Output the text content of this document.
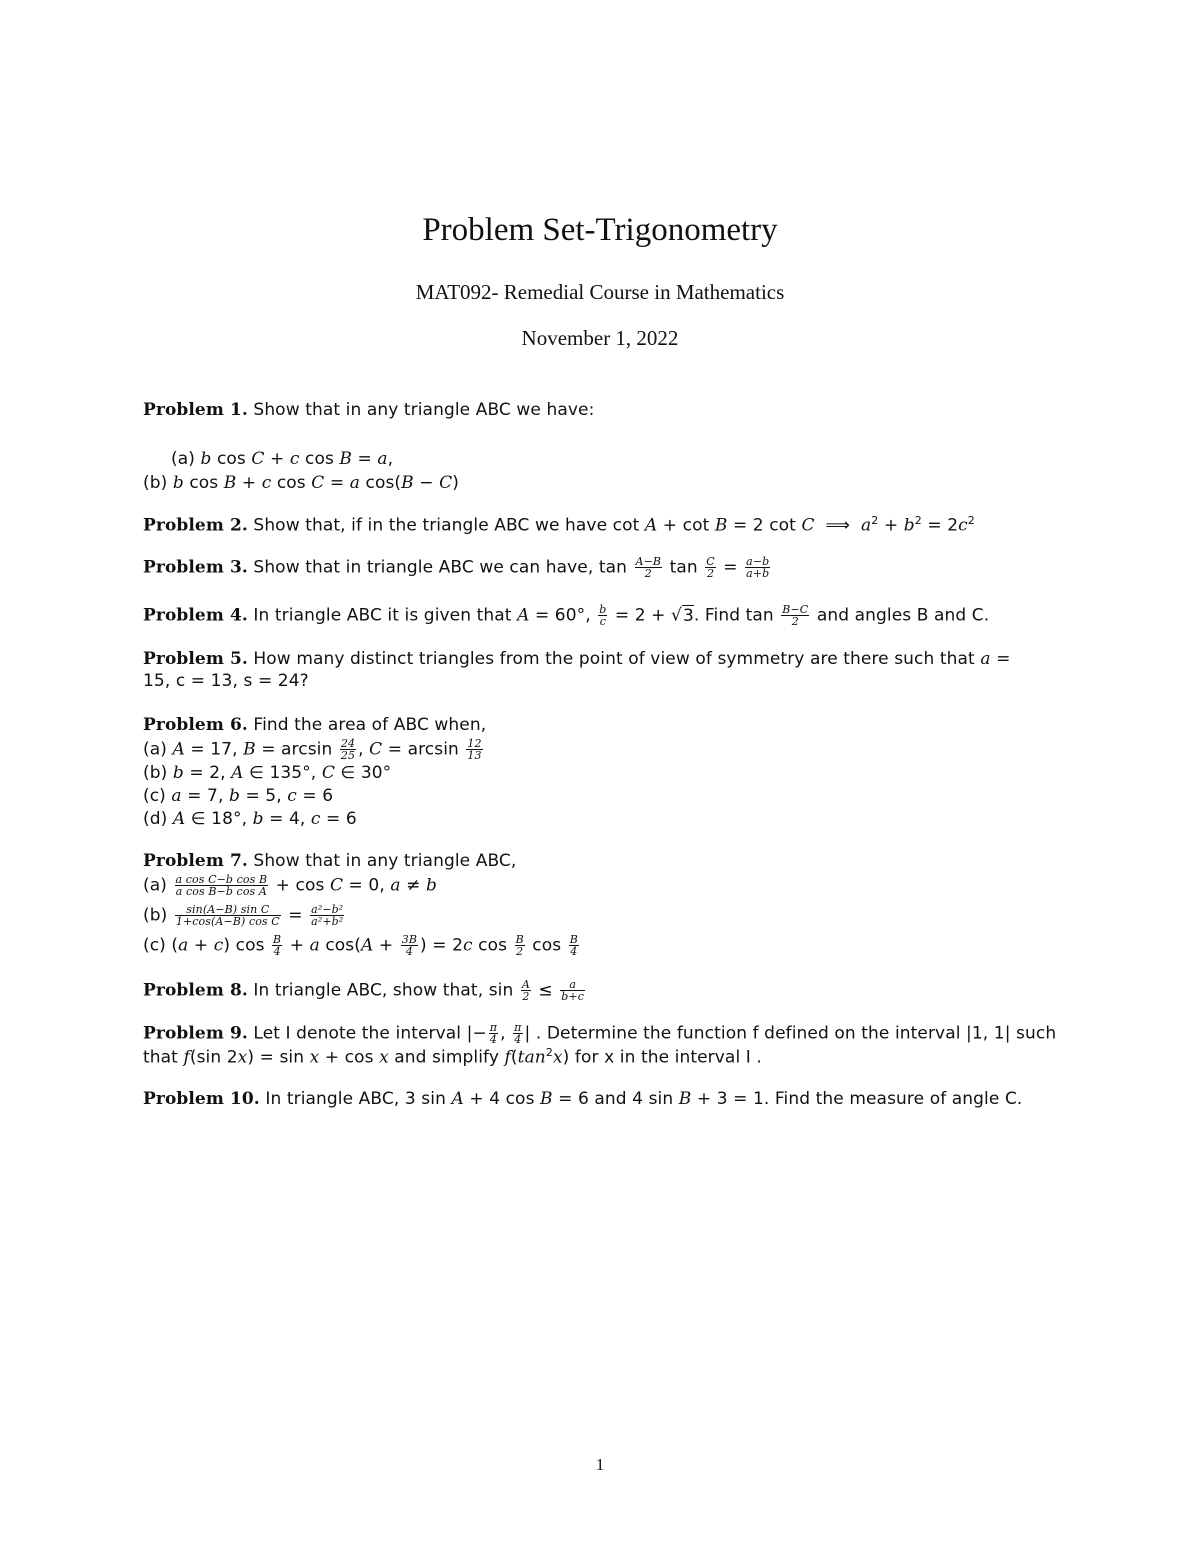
Problem Set-Trigonometry
MAT092- Remedial Course in Mathematics
November 1, 2022
Problem 1. Show that in any triangle ABC we have:
(a) b cos C + c cos B = a,
(b) b cos B + c cos C = a cos(B − C)
Problem 2. Show that, if in the triangle ABC we have cot A + cot B = 2 cot C  ⟹  $a^2 + b^2 = 2c^2$
Problem 3. Show that in triangle ABC we can have, $\tan \frac{A-B}{2}$ $\tan \frac{C}{2} = \frac{a-b}{a+b}$
Problem 4. In triangle ABC it is given that A = 60°, $\frac{b}{c} = 2 + √3$. Find $\tan \frac{B-C}{2}$ and angles B and C.
Problem 5. How many distinct triangles from the point of view of symmetry are there such that a =
15, c = 13, s = 24?
Problem 6. Find the area of ABC when,
(a) A = 17, $B = \arcsin \frac{24}{25}$ , $C = \arcsin \frac{12}{13}$
(b) b = 2, A ∈ 135°, C ∈ 30°
(c) a = 7, b = 5, c = 6
(d) A ∈ 18°, b = 4, c = 6
Problem 7. Show that in any triangle ABC,
$(a) \frac{\text{a cos C−b cos B}}{\text{a cos B−b cos A}} + \cos C = 0$, a ≠ b
$(b) \frac{\text{sin(A−B) sin C}}{\text{1+cos(A−B) cos C}} = \frac{\text{a²−b²}}{\text{a²+b²}}$
(c) (a + c) $\cos \frac{B}{4} + a$ $\cos(A + \frac{3B}{4}$ ) = 2c $\cos \frac{B}{2}$ $\cos \frac{B}{4}$
Problem 8. In triangle ABC, show that, $\sin \frac{A}{2} \le \frac{a}{b+c}$
Problem 9. Let I denote the interval |− $\frac{\pi}{4}$ , $\frac{\pi}{4}$ | . Determine the function f defined on the interval |1, 1| such
that f(sin 2x) = sin x + cos x and simplify $f(\tan^2x)$ for x in the interval I .
Problem 10. In triangle ABC, 3 sin A + 4 cos B = 6 and 4 sin B + 3 = 1. Find the measure of angle C.
1
